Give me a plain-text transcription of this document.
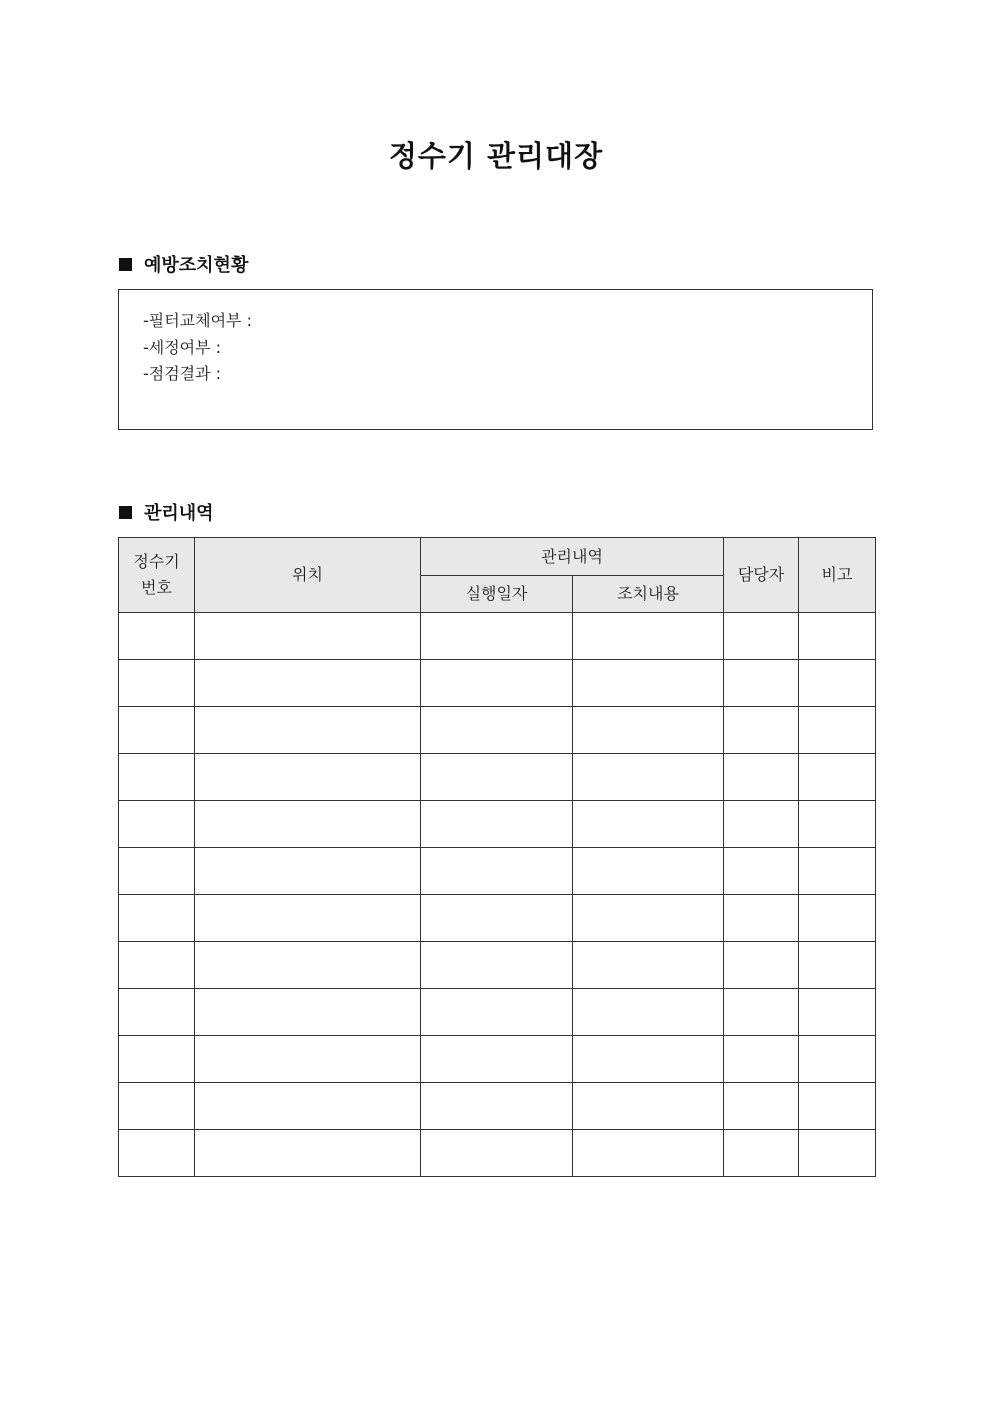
정수기 관리대장
예방조치현황
-필터교체여부 :
-세정여부 :
-점검결과 :
관리내역
정수기
번호	위치	관리내역		담당자	비고
		실행일자	조치내용		
